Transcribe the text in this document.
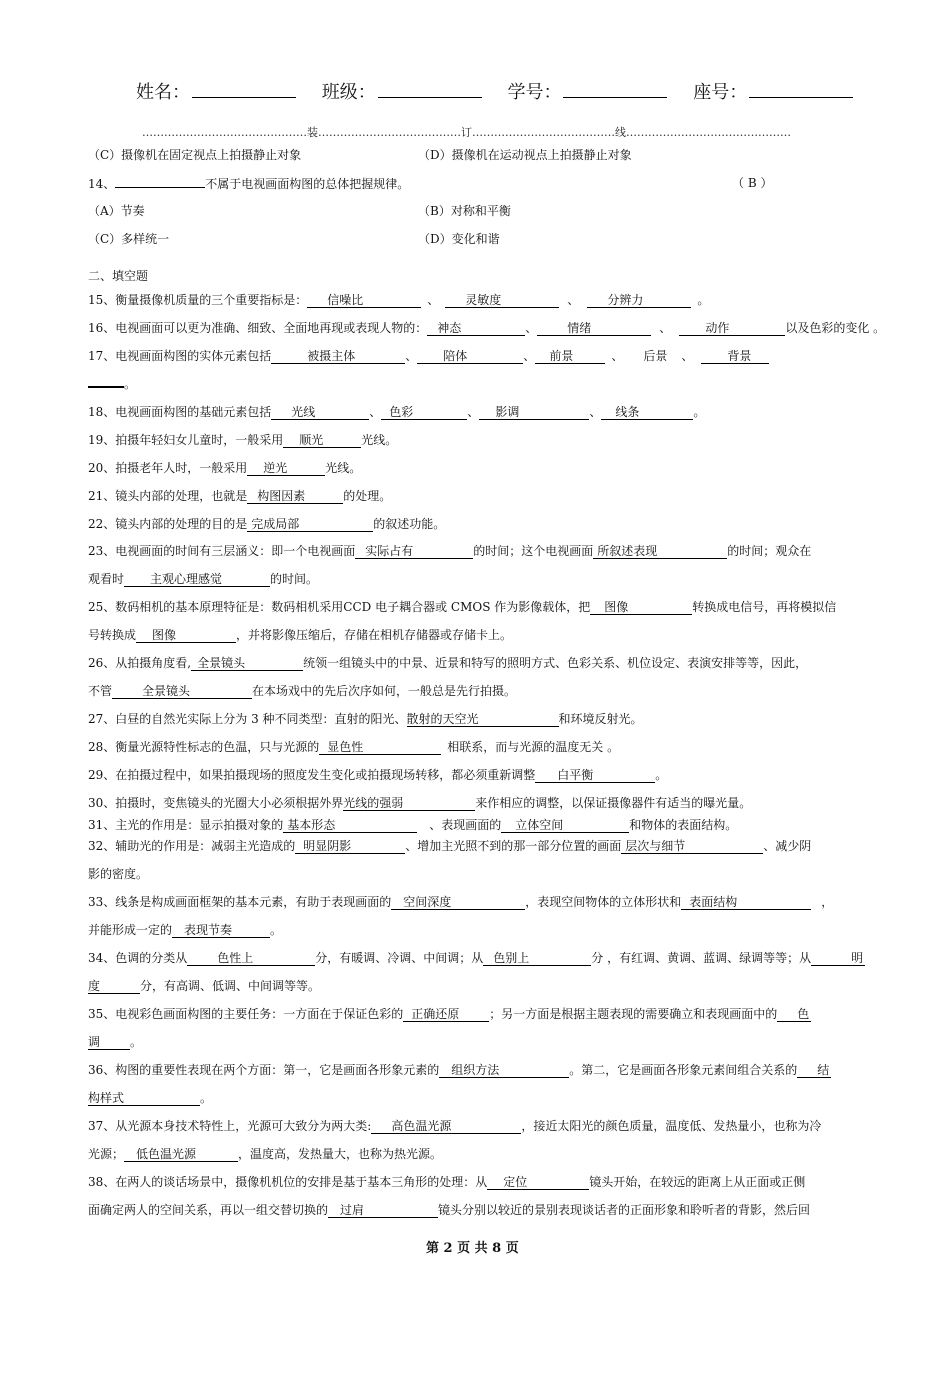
姓名：	班级：	学号：	座号：
………………………………………装…………………………………订…………………………………线………………………………………
（C）摄像机在固定视点上拍摄静止对象	（D）摄像机在运动视点上拍摄静止对象
14、	不属于电视画面构图的总体把握规律。	（ B ）
（A）节奏	（B）对称和平衡
（C）多样统一	（D）变化和谐
二、填空题
15、衡量摄像机质量的三个重要指标是： 信噪比	、 灵敏度	、 分辨力	。
16、电视画面可以更为准确、细致、全面地再现或表现人物的： 神态	、	情绪	、	动作	以及色彩的变化 。
17、电视画面构图的实体元素包括	被摄主体	、 陪体	、 前景	、 后景 、	背景
。
18、电视画面构图的基础元素包括 光线	、 色彩	、 影调	、 线条	。
19、拍摄年轻妇女儿童时，一般采用 顺光	光线。
20、拍摄老年人时，一般采用 逆光	光线。
21、镜头内部的处理，也就是 构图因素	的处理。
22、镜头内部的处理的目的是 完成局部	的叙述功能。
23、电视画面的时间有三层涵义：即一个电视画面 实际占有	的时间；这个电视画面 所叙述表现	的时间；观众在
观看时 主观心理感觉	的时间。
25、数码相机的基本原理特征是：数码相机采用CCD 电子耦合器或 CMOS 作为影像载体，把 图像	转换成电信号，再将模拟信
号转换成 图像	，并将影像压缩后，存储在相机存储器或存储卡上。
26、从拍摄角度看, 全景镜头	统领一组镜头中的中景、近景和特写的照明方式、色彩关系、机位设定、表演安排等等，因此，
不管	全景镜头	在本场戏中的先后次序如何，一般总是先行拍摄。
27、白昼的自然光实际上分为 3 种不同类型：直射的阳光、散射的天空光	和环境反射光。
28、衡量光源特性标志的色温，只与光源的 显色性	相联系，而与光源的温度无关 。
29、在拍摄过程中，如果拍摄现场的照度发生变化或拍摄现场转移，都必须重新调整 白平衡	。
30、拍摄时，变焦镜头的光圈大小必须根据外界光线的强弱	来作相应的调整，以保证摄像器件有适当的曝光量。
31、主光的作用是：显示拍摄对象的 基本形态	、表现画面的 立体空间	和物体的表面结构。
32、辅助光的作用是：减弱主光造成的 明显阴影	、增加主光照不到的那一部分位置的画面 层次与细节	、减少阴
影的密度。
33、线条是构成画面框架的基本元素，有助于表现画面的 空间深度	，表现空间物体的立体形状和 表面结构	，
并能形成一定的 表现节奏	。
34、色调的分类从	色性上	分，有暖调、冷调、中间调；从 色别上	分 ，有红调、黄调、蓝调、绿调等等；从	明
度	分，有高调、低调、中间调等等。
35、电视彩色画面构图的主要任务：一方面在于保证色彩的 正确还原 ；另一方面是根据主题表现的需要确立和表现画面中的 色
调 。
36、构图的重要性表现在两个方面：第一，它是画面各形象元素的 组织方法	。第二，它是画面各形象元素间组合关系的 结
构样式	。
37、从光源本身技术特性上，光源可大致分为两大类: 高色温光源	，接近太阳光的颜色质量，温度低、发热量小，也称为冷
光源； 低色温光源	，温度高，发热量大，也称为热光源。
38、在两人的谈话场景中，摄像机机位的安排是基于基本三角形的处理：从 定位	镜头开始，在较远的距离上从正面或正侧
面确定两人的空间关系，再以一组交替切换的 过肩	镜头分别以较近的景别表现谈话者的正面形象和聆听者的背影，然后回
第 2 页 共 8 页
